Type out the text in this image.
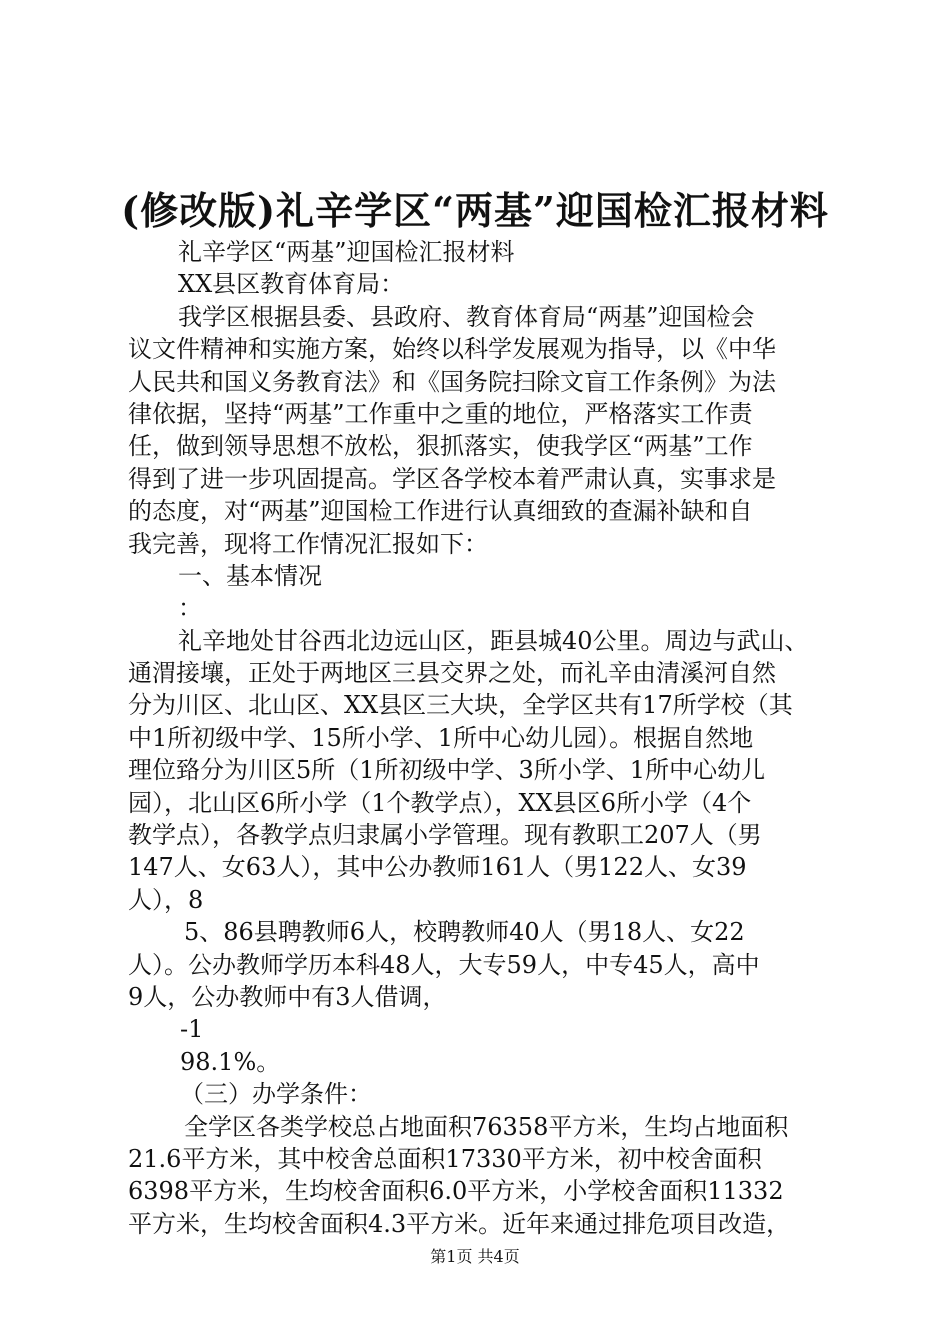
(修改版)礼辛学区“两基”迎国检汇报材料
礼辛学区“两基”迎国检汇报材料
XX县区教育体育局：
我学区根据县委、县政府、教育体育局“两基”迎国检会
议文件精神和实施方案，始终以科学发展观为指导，以《中华
人民共和国义务教育法》和《国务院扫除文盲工作条例》为法
律依据，坚持“两基”工作重中之重的地位，严格落实工作责
任，做到领导思想不放松，狠抓落实，使我学区“两基”工作
得到了进一步巩固提高。学区各学校本着严肃认真，实事求是
的态度，对“两基”迎国检工作进行认真细致的查漏补缺和自
我完善，现将工作情况汇报如下：
一、基本情况
：
礼辛地处甘谷西北边远山区，距县城40公里。周边与武山、
通渭接壤，正处于两地区三县交界之处，而礼辛由清溪河自然
分为川区、北山区、XX县区三大块，全学区共有17所学校（其
中1所初级中学、15所小学、1所中心幼儿园）。根据自然地
理位臵分为川区5所（1所初级中学、3所小学、1所中心幼儿
园），北山区6所小学（1个教学点），XX县区6所小学（4个
教学点），各教学点归隶属小学管理。现有教职工207人（男
147人、女63人），其中公办教师161人（男122人、女39
人），8
5、86县聘教师6人，校聘教师40人（男18人、女22
人）。公办教师学历本科48人，大专59人，中专45人，高中
9人，公办教师中有3人借调，
-1
98.1%。
（三）办学条件：
全学区各类学校总占地面积76358平方米，生均占地面积
21.6平方米，其中校舍总面积17330平方米，初中校舍面积
6398平方米，生均校舍面积6.0平方米，小学校舍面积11332
平方米，生均校舍面积4.3平方米。近年来通过排危项目改造，
第1页 共4页
